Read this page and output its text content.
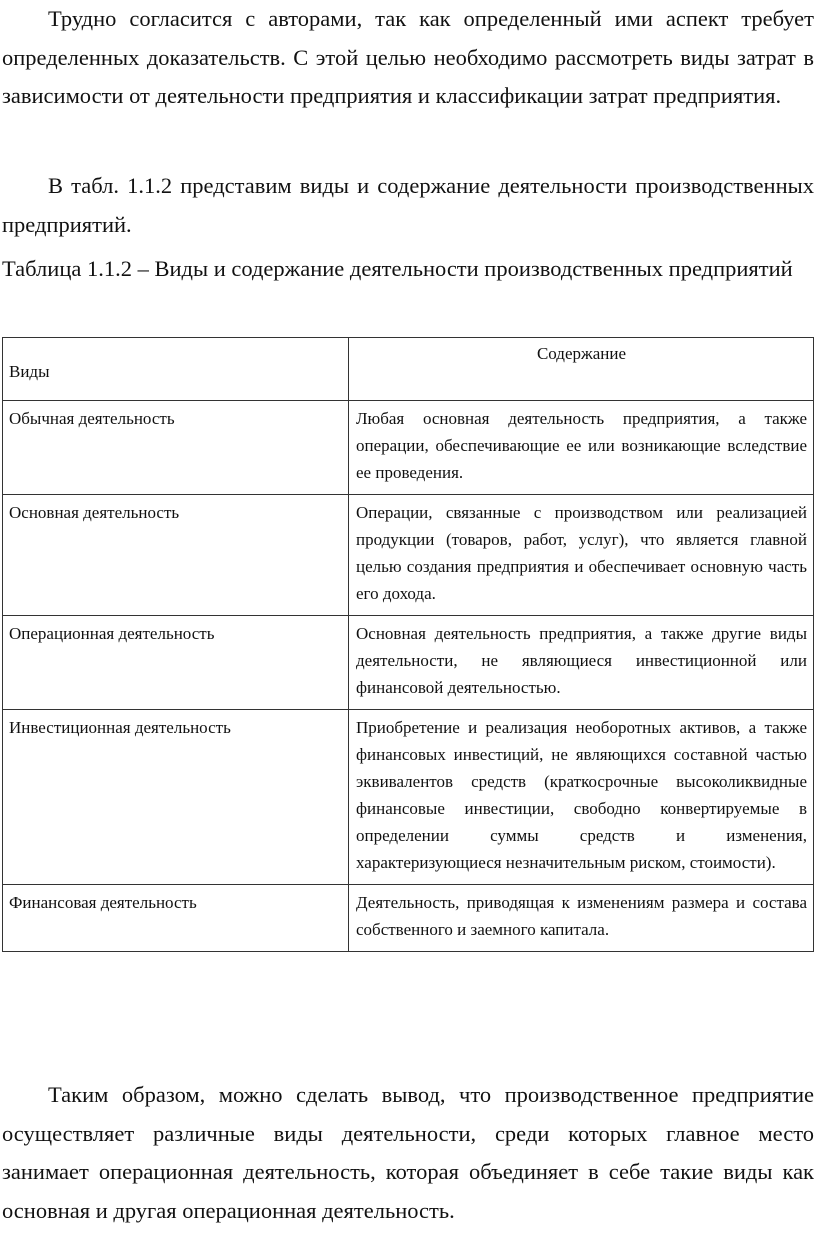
Трудно согласится с авторами, так как определенный ими аспект требует определенных доказательств. С этой целью необходимо рассмотреть виды затрат в зависимости от деятельности предприятия и классификации затрат предприятия.

В табл. 1.1.2 представим виды и содержание деятельности производственных предприятий.

Таблица 1.1.2 – Виды и содержание деятельности производственных предприятий

Виды	Содержание
Обычная деятельность	Любая основная деятельность предприятия, а также операции, обеспечивающие ее или возникающие вследствие ее проведения.
Основная деятельность	Операции, связанные с производством или реализацией продукции (товаров, работ, услуг), что является главной целью создания предприятия и обеспечивает основную часть его дохода.
Операционная деятельность	Основная деятельность предприятия, а также другие виды деятельности, не являющиеся инвестиционной или финансовой деятельностью.
Инвестиционная деятельность	Приобретение и реализация необоротных активов, а также финансовых инвестиций, не являющихся составной частью эквивалентов средств (краткосрочные высоколиквидные финансовые инвестиции, свободно конвертируемые в определении суммы средств и изменения, характеризующиеся незначительным риском, стоимости).
Финансовая деятельность	Деятельность, приводящая к изменениям размера и состава собственного и заемного капитала.

Таким образом, можно сделать вывод, что производственное предприятие осуществляет различные виды деятельности, среди которых главное место занимает операционная деятельность, которая объединяет в себе такие виды как основная и другая операционная деятельность.
